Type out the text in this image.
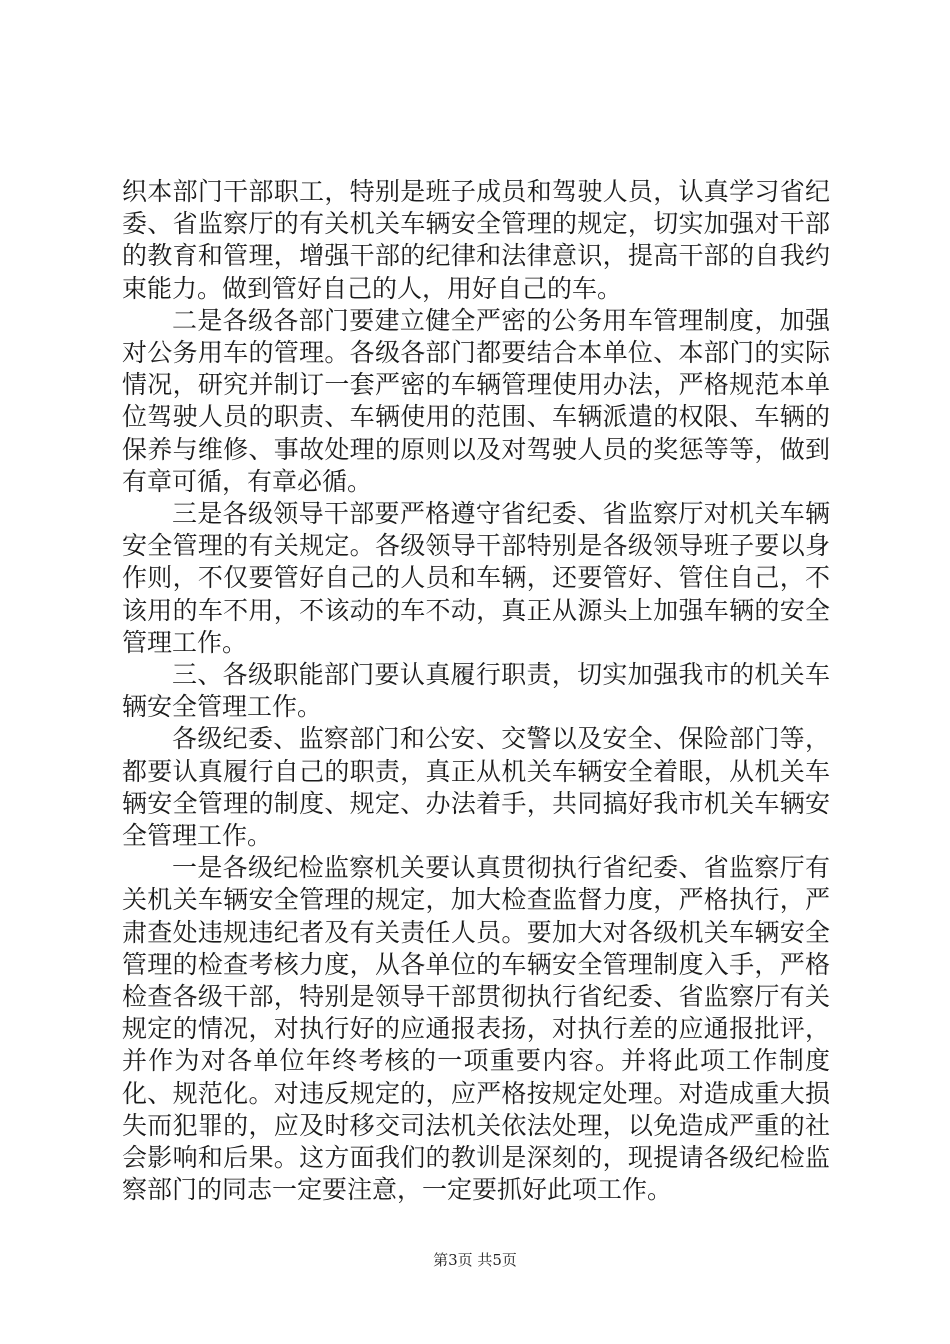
织本部门干部职工，特别是班子成员和驾驶人员，认真学习省纪委、省监察厅的有关机关车辆安全管理的规定，切实加强对干部的教育和管理，增强干部的纪律和法律意识，提高干部的自我约束能力。做到管好自己的人，用好自己的车。

二是各级各部门要建立健全严密的公务用车管理制度，加强对公务用车的管理。各级各部门都要结合本单位、本部门的实际情况，研究并制订一套严密的车辆管理使用办法，严格规范本单位驾驶人员的职责、车辆使用的范围、车辆派遣的权限、车辆的保养与维修、事故处理的原则以及对驾驶人员的奖惩等等，做到有章可循，有章必循。

三是各级领导干部要严格遵守省纪委、省监察厅对机关车辆安全管理的有关规定。各级领导干部特别是各级领导班子要以身作则，不仅要管好自己的人员和车辆，还要管好、管住自己，不该用的车不用，不该动的车不动，真正从源头上加强车辆的安全管理工作。

三、各级职能部门要认真履行职责，切实加强我市的机关车辆安全管理工作。

各级纪委、监察部门和公安、交警以及安全、保险部门等，都要认真履行自己的职责，真正从机关车辆安全着眼，从机关车辆安全管理的制度、规定、办法着手，共同搞好我市机关车辆安全管理工作。

一是各级纪检监察机关要认真贯彻执行省纪委、省监察厅有关机关车辆安全管理的规定，加大检查监督力度，严格执行，严肃查处违规违纪者及有关责任人员。要加大对各级机关车辆安全管理的检查考核力度，从各单位的车辆安全管理制度入手，严格检查各级干部，特别是领导干部贯彻执行省纪委、省监察厅有关规定的情况，对执行好的应通报表扬，对执行差的应通报批评，并作为对各单位年终考核的一项重要内容。并将此项工作制度化、规范化。对违反规定的，应严格按规定处理。对造成重大损失而犯罪的，应及时移交司法机关依法处理，以免造成严重的社会影响和后果。这方面我们的教训是深刻的，现提请各级纪检监察部门的同志一定要注意，一定要抓好此项工作。

第3页 共5页
